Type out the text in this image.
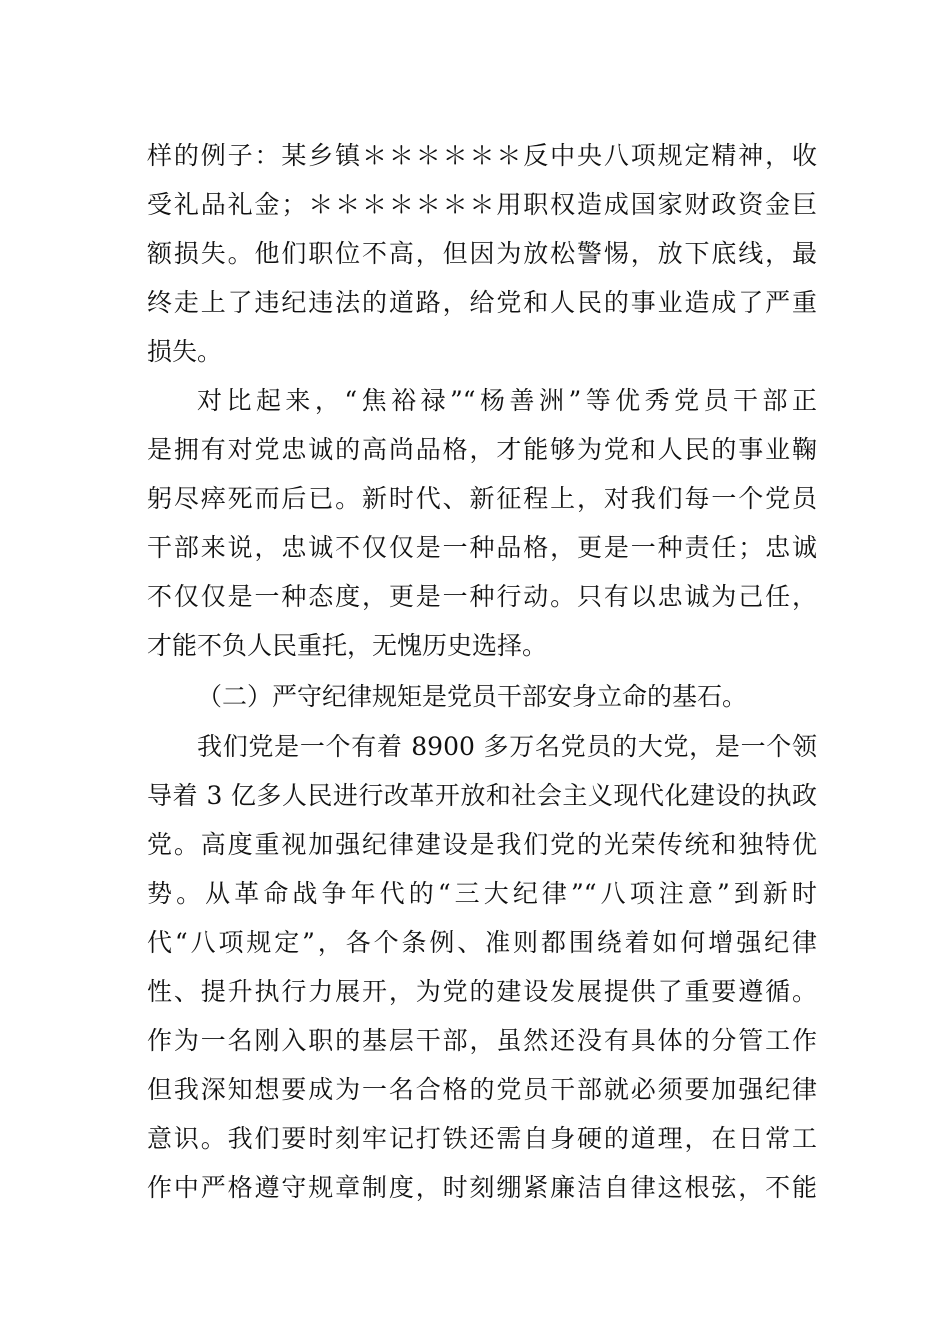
样的例子：某乡镇＊＊＊＊＊＊反中央八项规定精神，收
受礼品礼金；＊＊＊＊＊＊＊用职权造成国家财政资金巨
额损失。他们职位不高，但因为放松警惕，放下底线，最
终走上了违纪违法的道路，给党和人民的事业造成了严重
损失。
对比起来，“焦裕禄”“杨善洲”等优秀党员干部正
是拥有对党忠诚的高尚品格，才能够为党和人民的事业鞠
躬尽瘁死而后已。新时代、新征程上，对我们每一个党员
干部来说，忠诚不仅仅是一种品格，更是一种责任；忠诚
不仅仅是一种态度，更是一种行动。只有以忠诚为己任，
才能不负人民重托，无愧历史选择。
（二）严守纪律规矩是党员干部安身立命的基石。
我们党是一个有着 8900 多万名党员的大党，是一个领
导着 3 亿多人民进行改革开放和社会主义现代化建设的执政
党。高度重视加强纪律建设是我们党的光荣传统和独特优
势。从革命战争年代的“三大纪律”“八项注意”到新时
代“八项规定”，各个条例、准则都围绕着如何增强纪律
性、提升执行力展开，为党的建设发展提供了重要遵循。
作为一名刚入职的基层干部，虽然还没有具体的分管工作
但我深知想要成为一名合格的党员干部就必须要加强纪律
意识。我们要时刻牢记打铁还需自身硬的道理，在日常工
作中严格遵守规章制度，时刻绷紧廉洁自律这根弦，不能
